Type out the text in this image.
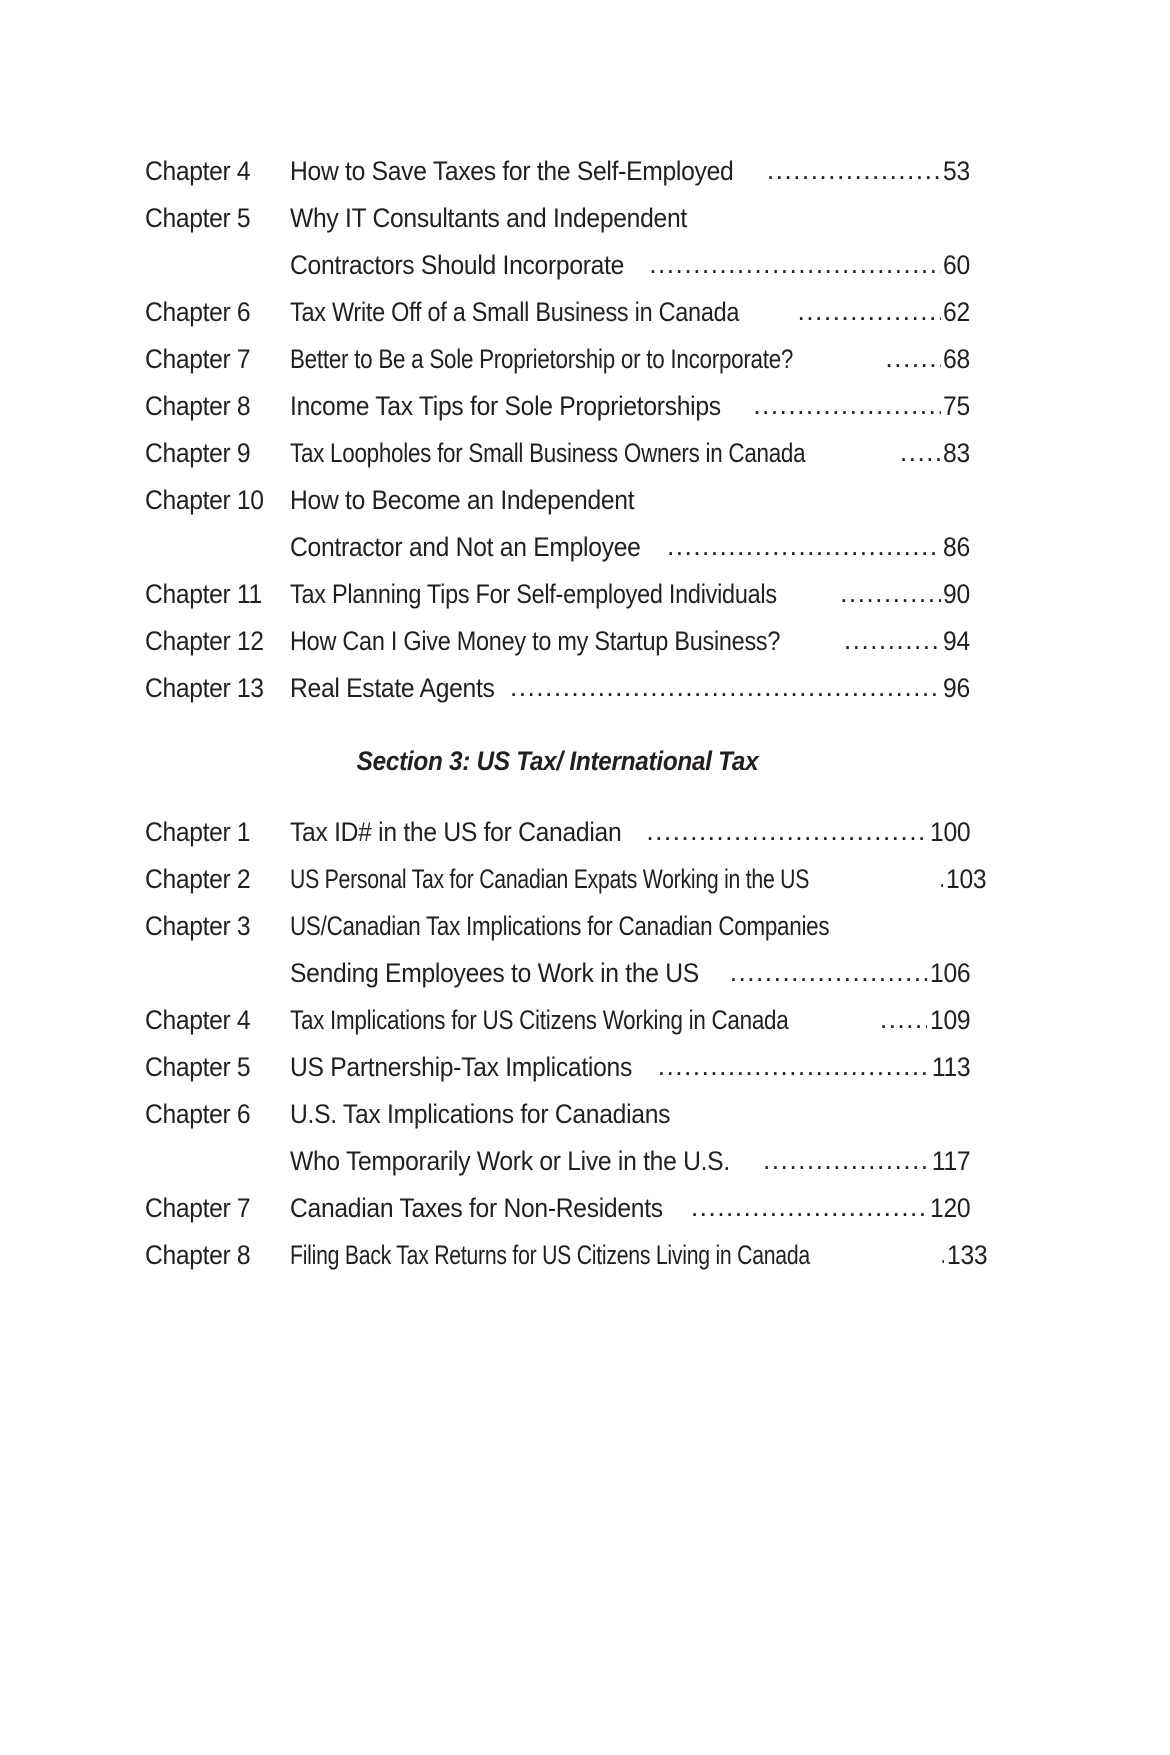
Chapter 4	How to Save Taxes for the Self-Employed .....	53
Chapter 5	Why IT Consultants and Independent
Contractors Should Incorporate .....	60
Chapter 6	Tax Write Off of a Small Business in Canada .....	62
Chapter 7	Better to Be a Sole Proprietorship or to Incorporate? .....	68
Chapter 8	Income Tax Tips for Sole Proprietorships .....	75
Chapter 9	Tax Loopholes for Small Business Owners in Canada .....	83
Chapter 10 How to Become an Independent
Contractor and Not an Employee .....	86
Chapter 11	Tax Planning Tips For Self-employed Individuals .....	90
Chapter 12 How Can I Give Money to my Startup Business? .....	94
Chapter 13 Real Estate Agents .....	96
Section 3: US Tax/ International Tax
Chapter 1	Tax ID# in the US for Canadian .....	100
Chapter 2	US Personal Tax for Canadian Expats Working in the US .....	103
Chapter 3	US/Canadian Tax Implications for Canadian Companies
Sending Employees to Work in the US .....	106
Chapter 4	Tax Implications for US Citizens Working in Canada .....	109
Chapter 5	US Partnership-Tax Implications .....	113
Chapter 6	U.S. Tax Implications for Canadians
Who Temporarily Work or Live in the U.S. .....	117
Chapter 7	Canadian Taxes for Non-Residents .....	120
Chapter 8	Filing Back Tax Returns for US Citizens Living in Canada .....	133
